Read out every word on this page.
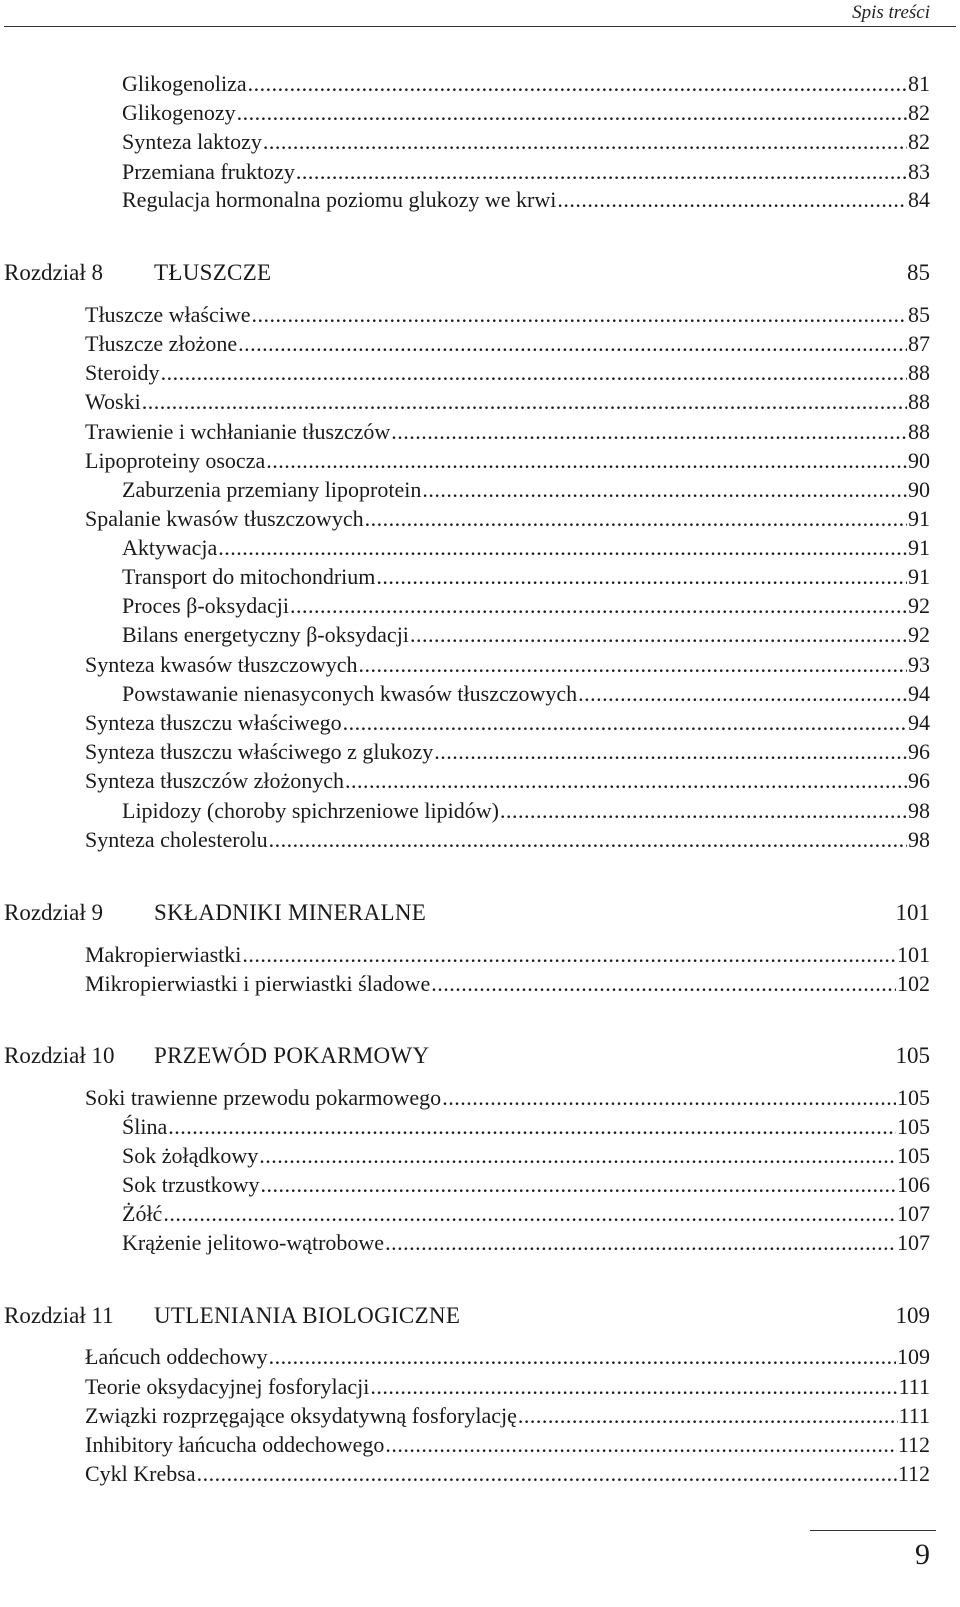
Spis treści
Glikogenoliza .....	81
Glikogenozy .....	82
Synteza laktozy .....	82
Przemiana fruktozy .....	83
Regulacja hormonalna poziomu glukozy we krwi .....	84
Rozdział 8	TŁUSZCZE	85
Tłuszcze właściwe .....	85
Tłuszcze złożone .....	87
Steroidy .....	88
Woski .....	88
Trawienie i wchłanianie tłuszczów .....	88
Lipoproteiny osocza .....	90
Zaburzenia przemiany lipoprotein .....	90
Spalanie kwasów tłuszczowych .....	91
Aktywacja .....	91
Transport do mitochondrium .....	91
Proces β-oksydacji .....	92
Bilans energetyczny β-oksydacji .....	92
Synteza kwasów tłuszczowych .....	93
Powstawanie nienasyconych kwasów tłuszczowych .....	94
Synteza tłuszczu właściwego .....	94
Synteza tłuszczu właściwego z glukozy .....	96
Synteza tłuszczów złożonych .....	96
Lipidozy (choroby spichrzeniowe lipidów) .....	98
Synteza cholesterolu .....	98
Rozdział 9	SKŁADNIKI MINERALNE	101
Makropierwiastki .....	101
Mikropierwiastki i pierwiastki śladowe .....	102
Rozdział 10	PRZEWÓD POKARMOWY	105
Soki trawienne przewodu pokarmowego .....	105
Ślina .....	105
Sok żołądkowy .....	105
Sok trzustkowy .....	106
Żółć .....	107
Krążenie jelitowo-wątrobowe .....	107
Rozdział 11	UTLENIANIA BIOLOGICZNE	109
Łańcuch oddechowy .....	109
Teorie oksydacyjnej fosforylacji .....	111
Związki rozprzęgające oksydatywną fosforylację .....	111
Inhibitory łańcucha oddechowego .....	112
Cykl Krebsa .....	112
9
